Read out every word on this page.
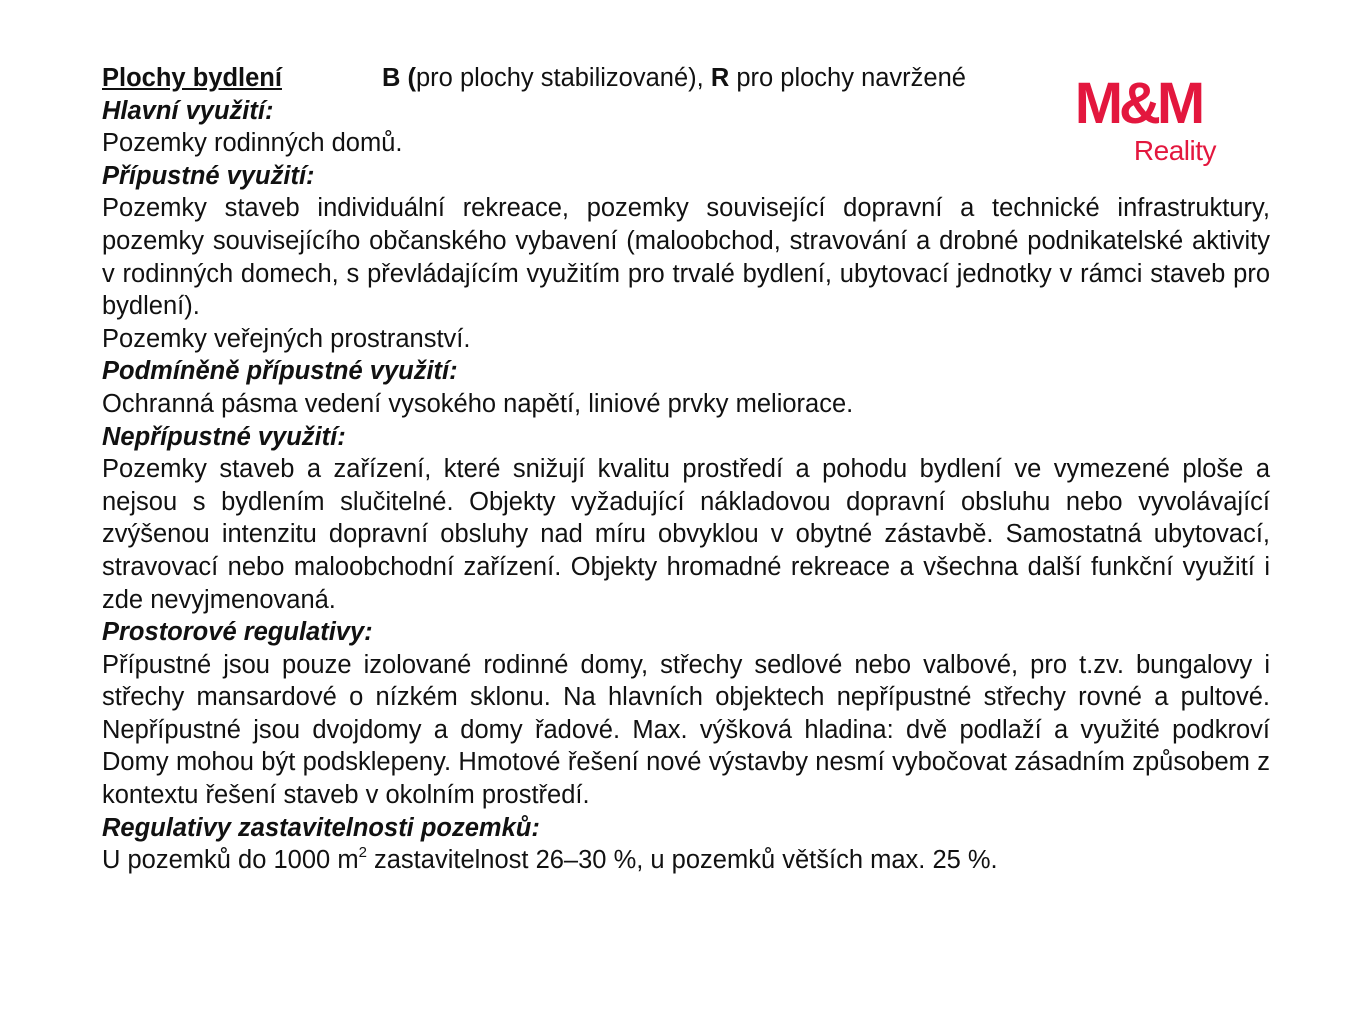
Plochy bydlení	B (pro plochy stabilizované), R pro plochy navržené
Hlavní využití:

Pozemky rodinných domů.

Přípustné využití:

Pozemky staveb individuální rekreace, pozemky související dopravní a technické infrastruktury, pozemky souvisejícího občanského vybavení (maloobchod, stravování a drobné podnikatelské aktivity v rodinných domech, s převládajícím využitím pro trvalé bydlení, ubytovací jednotky v rámci staveb pro bydlení).

Pozemky veřejných prostranství.

Podmíněně přípustné využití:

Ochranná pásma vedení vysokého napětí, liniové prvky meliorace.

Nepřípustné využití:

Pozemky staveb a zařízení, které snižují kvalitu prostředí a pohodu bydlení ve vymezené ploše a nejsou s bydlením slučitelné. Objekty vyžadující nákladovou dopravní obsluhu nebo vyvolávající zvýšenou intenzitu dopravní obsluhy nad míru obvyklou v obytné zástavbě. Samostatná ubytovací, stravovací nebo maloobchodní zařízení. Objekty hromadné rekreace a všechna další funkční využití i zde nevyjmenovaná.

Prostorové regulativy:

Přípustné jsou pouze izolované rodinné domy, střechy sedlové nebo valbové, pro t.zv. bungalovy i střechy mansardové o nízkém sklonu. Na hlavních objektech nepřípustné střechy rovné a pultové. Nepřípustné jsou dvojdomy a domy řadové. Max. výšková hladina: dvě podlaží a využité podkroví Domy mohou být podsklepeny. Hmotové řešení nové výstavby nesmí vybočovat zásadním způsobem z kontextu řešení staveb v okolním prostředí.

Regulativy zastavitelnosti pozemků:

U pozemků do 1000 $m^2$ zastavitelnost 26–30 %, u pozemků větších max. 25 %.

M&M
Reality
